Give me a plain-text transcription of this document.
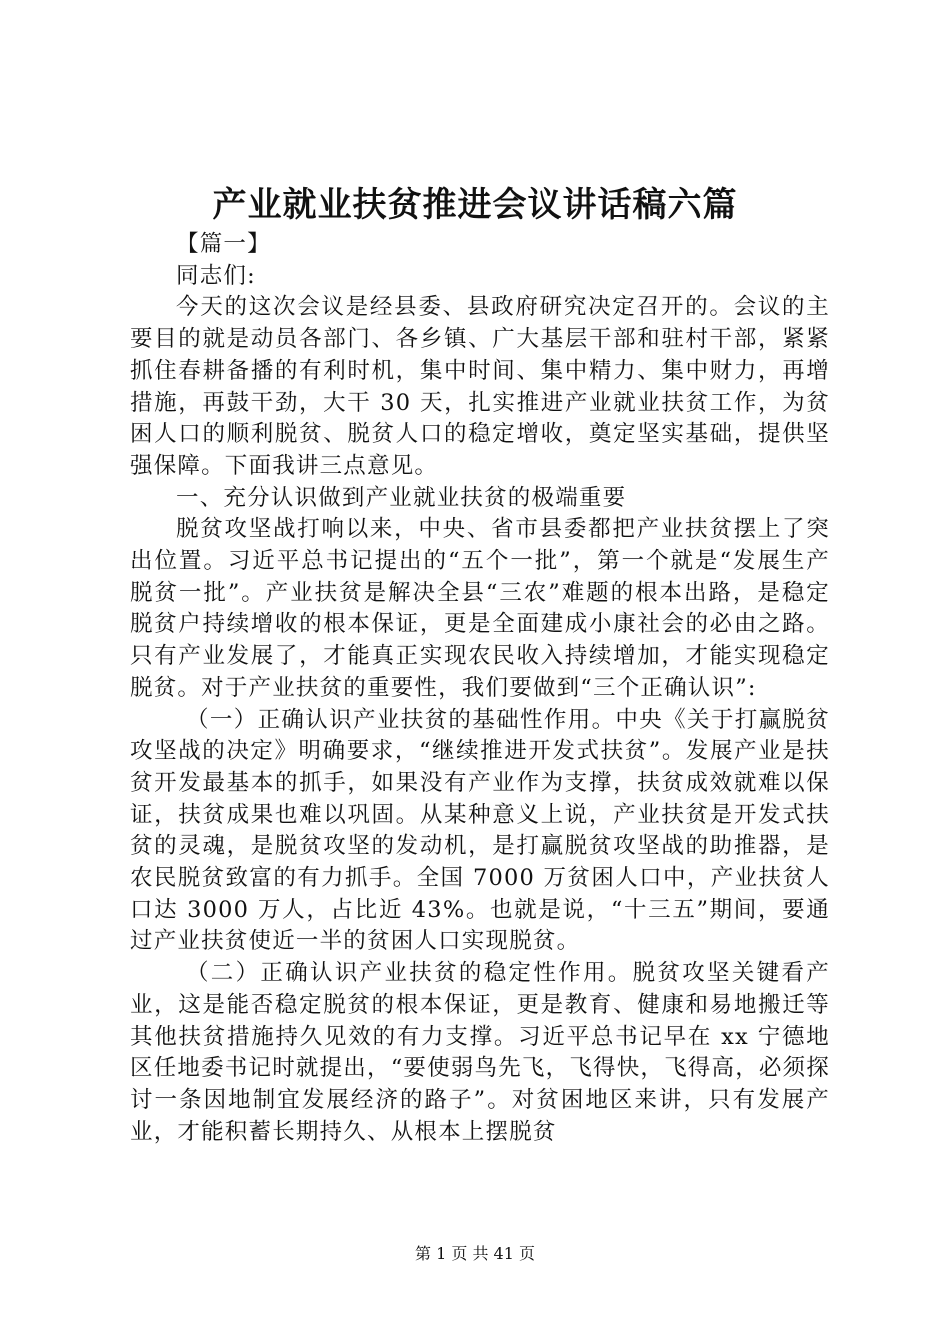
产业就业扶贫推进会议讲话稿六篇

【篇一】

同志们:

今天的这次会议是经县委、县政府研究决定召开的。会议的主要目的就是动员各部门、各乡镇、广大基层干部和驻村干部，紧紧抓住春耕备播的有利时机，集中时间、集中精力、集中财力，再增措施，再鼓干劲，大干 30 天，扎实推进产业就业扶贫工作，为贫困人口的顺利脱贫、脱贫人口的稳定增收，奠定坚实基础，提供坚强保障。下面我讲三点意见。

一、充分认识做到产业就业扶贫的极端重要

脱贫攻坚战打响以来，中央、省市县委都把产业扶贫摆上了突出位置。习近平总书记提出的“五个一批”，第一个就是“发展生产脱贫一批”。产业扶贫是解决全县“三农”难题的根本出路，是稳定脱贫户持续增收的根本保证，更是全面建成小康社会的必由之路。只有产业发展了，才能真正实现农民收入持续增加，才能实现稳定脱贫。对于产业扶贫的重要性，我们要做到“三个正确认识”:

（一）正确认识产业扶贫的基础性作用。中央《关于打赢脱贫攻坚战的决定》明确要求，“继续推进开发式扶贫”。发展产业是扶贫开发最基本的抓手，如果没有产业作为支撑，扶贫成效就难以保证，扶贫成果也难以巩固。从某种意义上说，产业扶贫是开发式扶贫的灵魂，是脱贫攻坚的发动机，是打赢脱贫攻坚战的助推器，是农民脱贫致富的有力抓手。全国 7000 万贫困人口中，产业扶贫人口达 3000 万人，占比近 43%。也就是说，“十三五”期间，要通过产业扶贫使近一半的贫困人口实现脱贫。

（二）正确认识产业扶贫的稳定性作用。脱贫攻坚关键看产业，这是能否稳定脱贫的根本保证，更是教育、健康和易地搬迁等其他扶贫措施持久见效的有力支撑。习近平总书记早在 xx 宁德地区任地委书记时就提出，“要使弱鸟先飞，飞得快，飞得高，必须探讨一条因地制宜发展经济的路子”。对贫困地区来讲，只有发展产业，才能积蓄长期持久、从根本上摆脱贫

第 1 页 共 41 页
